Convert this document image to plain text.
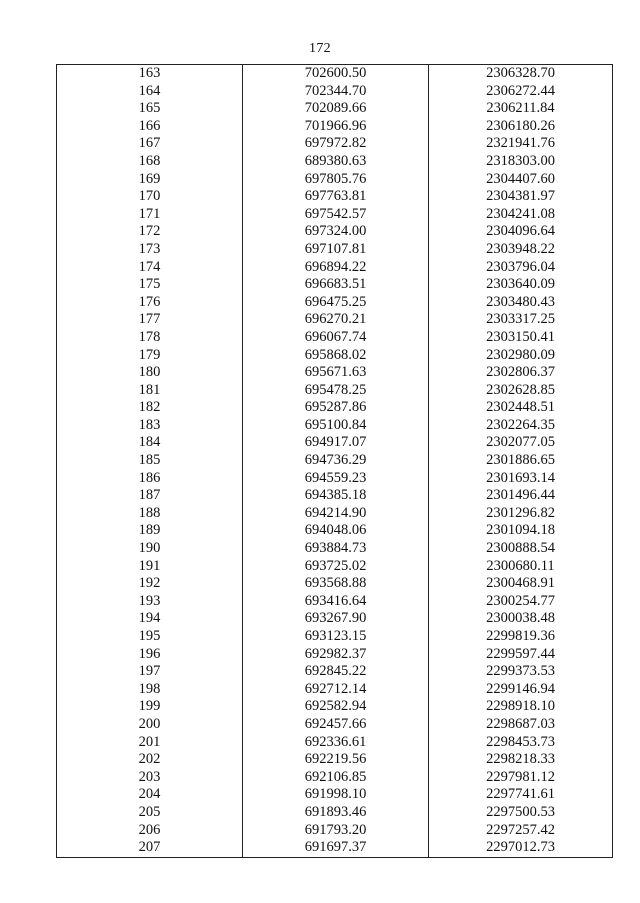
172
163	702600.50	2306328.70
164	702344.70	2306272.44
165	702089.66	2306211.84
166	701966.96	2306180.26
167	697972.82	2321941.76
168	689380.63	2318303.00
169	697805.76	2304407.60
170	697763.81	2304381.97
171	697542.57	2304241.08
172	697324.00	2304096.64
173	697107.81	2303948.22
174	696894.22	2303796.04
175	696683.51	2303640.09
176	696475.25	2303480.43
177	696270.21	2303317.25
178	696067.74	2303150.41
179	695868.02	2302980.09
180	695671.63	2302806.37
181	695478.25	2302628.85
182	695287.86	2302448.51
183	695100.84	2302264.35
184	694917.07	2302077.05
185	694736.29	2301886.65
186	694559.23	2301693.14
187	694385.18	2301496.44
188	694214.90	2301296.82
189	694048.06	2301094.18
190	693884.73	2300888.54
191	693725.02	2300680.11
192	693568.88	2300468.91
193	693416.64	2300254.77
194	693267.90	2300038.48
195	693123.15	2299819.36
196	692982.37	2299597.44
197	692845.22	2299373.53
198	692712.14	2299146.94
199	692582.94	2298918.10
200	692457.66	2298687.03
201	692336.61	2298453.73
202	692219.56	2298218.33
203	692106.85	2297981.12
204	691998.10	2297741.61
205	691893.46	2297500.53
206	691793.20	2297257.42
207	691697.37	2297012.73
